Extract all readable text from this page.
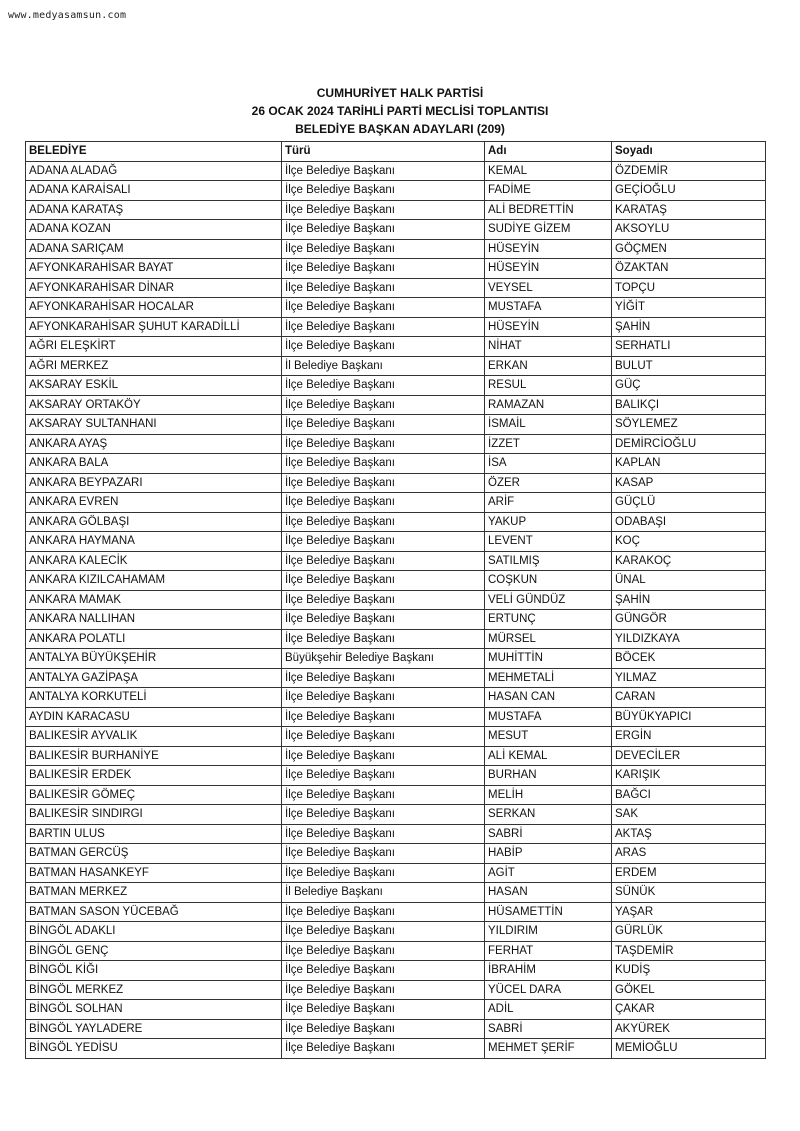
www.medyasamsun.com
CUMHURİYET HALK PARTİSİ
26 OCAK 2024 TARİHLİ PARTİ MECLİSİ TOPLANTISI
BELEDİYE BAŞKAN ADAYLARI (209)
BELEDİYE	Türü	Adı	Soyadı
ADANA ALADAĞ	İlçe Belediye Başkanı	KEMAL	ÖZDEMİR
ADANA KARAİSALI	İlçe Belediye Başkanı	FADİME	GEÇİOĞLU
ADANA KARATAŞ	İlçe Belediye Başkanı	ALİ BEDRETTİN	KARATAŞ
ADANA KOZAN	İlçe Belediye Başkanı	SUDİYE GİZEM	AKSOYLU
ADANA SARIÇAM	İlçe Belediye Başkanı	HÜSEYİN	GÖÇMEN
AFYONKARAHİSAR BAYAT	İlçe Belediye Başkanı	HÜSEYİN	ÖZAKTAN
AFYONKARAHİSAR DİNAR	İlçe Belediye Başkanı	VEYSEL	TOPÇU
AFYONKARAHİSAR HOCALAR	İlçe Belediye Başkanı	MUSTAFA	YİĞİT
AFYONKARAHİSAR ŞUHUT KARADİLLİ	İlçe Belediye Başkanı	HÜSEYİN	ŞAHİN
AĞRI ELEŞKİRT	İlçe Belediye Başkanı	NİHAT	SERHATLI
AĞRI MERKEZ	İl Belediye Başkanı	ERKAN	BULUT
AKSARAY ESKİL	İlçe Belediye Başkanı	RESUL	GÜÇ
AKSARAY ORTAKÖY	İlçe Belediye Başkanı	RAMAZAN	BALIKÇI
AKSARAY SULTANHANI	İlçe Belediye Başkanı	İSMAİL	SÖYLEMEZ
ANKARA AYAŞ	İlçe Belediye Başkanı	İZZET	DEMİRCİOĞLU
ANKARA BALA	İlçe Belediye Başkanı	İSA	KAPLAN
ANKARA BEYPAZARI	İlçe Belediye Başkanı	ÖZER	KASAP
ANKARA EVREN	İlçe Belediye Başkanı	ARİF	GÜÇLÜ
ANKARA GÖLBAŞI	İlçe Belediye Başkanı	YAKUP	ODABAŞI
ANKARA HAYMANA	İlçe Belediye Başkanı	LEVENT	KOÇ
ANKARA KALECİK	İlçe Belediye Başkanı	SATILMIŞ	KARAKOÇ
ANKARA KIZILCAHAMAM	İlçe Belediye Başkanı	COŞKUN	ÜNAL
ANKARA MAMAK	İlçe Belediye Başkanı	VELİ GÜNDÜZ	ŞAHİN
ANKARA NALLIHAN	İlçe Belediye Başkanı	ERTUNÇ	GÜNGÖR
ANKARA POLATLI	İlçe Belediye Başkanı	MÜRSEL	YILDIZKAYA
ANTALYA BÜYÜKŞEHİR	Büyükşehir Belediye Başkanı	MUHİTTİN	BÖCEK
ANTALYA GAZİPAŞA	İlçe Belediye Başkanı	MEHMETALİ	YILMAZ
ANTALYA KORKUTELİ	İlçe Belediye Başkanı	HASAN CAN	CARAN
AYDIN KARACASU	İlçe Belediye Başkanı	MUSTAFA	BÜYÜKYAPICI
BALIKESİR AYVALIK	İlçe Belediye Başkanı	MESUT	ERGİN
BALIKESİR BURHANİYE	İlçe Belediye Başkanı	ALİ KEMAL	DEVECİLER
BALIKESİR ERDEK	İlçe Belediye Başkanı	BURHAN	KARIŞIK
BALIKESİR GÖMEÇ	İlçe Belediye Başkanı	MELİH	BAĞCI
BALIKESİR SINDIRGI	İlçe Belediye Başkanı	SERKAN	SAK
BARTIN ULUS	İlçe Belediye Başkanı	SABRİ	AKTAŞ
BATMAN GERCÜŞ	İlçe Belediye Başkanı	HABİP	ARAS
BATMAN HASANKEYF	İlçe Belediye Başkanı	AGİT	ERDEM
BATMAN MERKEZ	İl Belediye Başkanı	HASAN	SÜNÜK
BATMAN SASON YÜCEBAĞ	İlçe Belediye Başkanı	HÜSAMETTİN	YAŞAR
BİNGÖL ADAKLI	İlçe Belediye Başkanı	YILDIRIM	GÜRLÜK
BİNGÖL GENÇ	İlçe Belediye Başkanı	FERHAT	TAŞDEMİR
BİNGÖL KİĞI	İlçe Belediye Başkanı	İBRAHİM	KUDİŞ
BİNGÖL MERKEZ	İlçe Belediye Başkanı	YÜCEL DARA	GÖKEL
BİNGÖL SOLHAN	İlçe Belediye Başkanı	ADİL	ÇAKAR
BİNGÖL YAYLADERE	İlçe Belediye Başkanı	SABRİ	AKYÜREK
BİNGÖL YEDİSU	İlçe Belediye Başkanı	MEHMET ŞERİF	MEMİOĞLU
